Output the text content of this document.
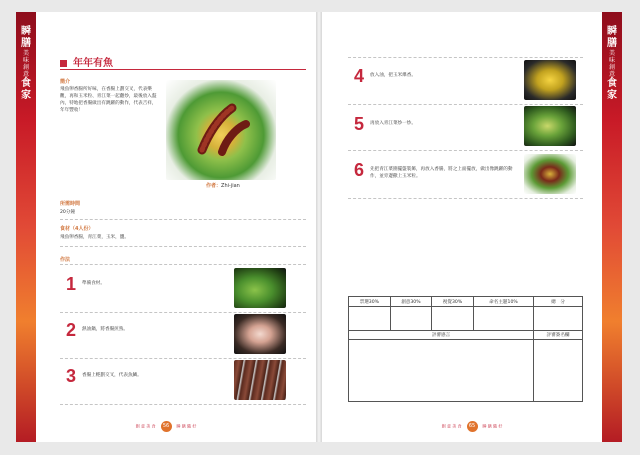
瞬
膳
美
味
創
意
食
家
年年有魚
簡介
飛魚卵香腸所好味，在香腸上劃交叉，代表樂觀，再和玉米粒、青江菜一起翻炒，最後放入盤內，特地把香腸做出有跳躍的動作，代表吉祥，年年豐收！
作者：Zhi-jian
所需時間
20分鐘
食材（4人份）
飛魚卵香腸，青江菜，玉米，鹽。
作法
1 準備食材。
2 熱油鍋，將香腸煎熟。
3 香腸上輕劃交叉，代表魚鱗。
創 意 美 食 56 瞬 膳 隨 好
瞬
膳
美
味
創
意
食
家
4 放入油，把玉米爆香。
5 再放入青江菜炒一炒。
6 先把青江菜圍擺盤裝飾，再放入香腸，將之上面擺放，做出像跳躍的動作，並旁邊撒上玉米粒。
票選30%	創意30%	視覺30%	命名主題10%	總　分

評審感言				評審簽名欄

創 意 美 食 65 瞬 膳 隨 好
